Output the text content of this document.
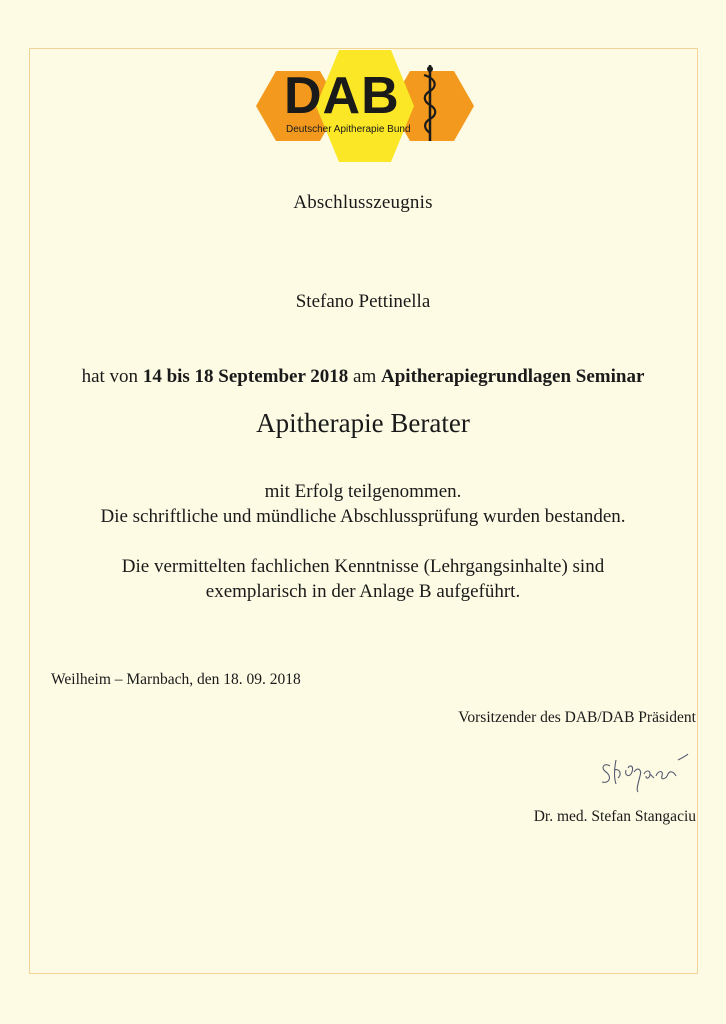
DAB
Deutscher Apitherapie Bund
Abschlusszeugnis
Stefano Pettinella
hat von 14 bis 18 September 2018 am Apitherapiegrundlagen Seminar
Apitherapie Berater
mit Erfolg teilgenommen.
Die schriftliche und mündliche Abschlussprüfung wurden bestanden.
Die vermittelten fachlichen Kenntnisse (Lehrgangsinhalte) sind
exemplarisch in der Anlage B aufgeführt.
Weilheim – Marnbach, den 18. 09. 2018
Vorsitzender des DAB/DAB Präsident
Dr. med. Stefan Stangaciu
